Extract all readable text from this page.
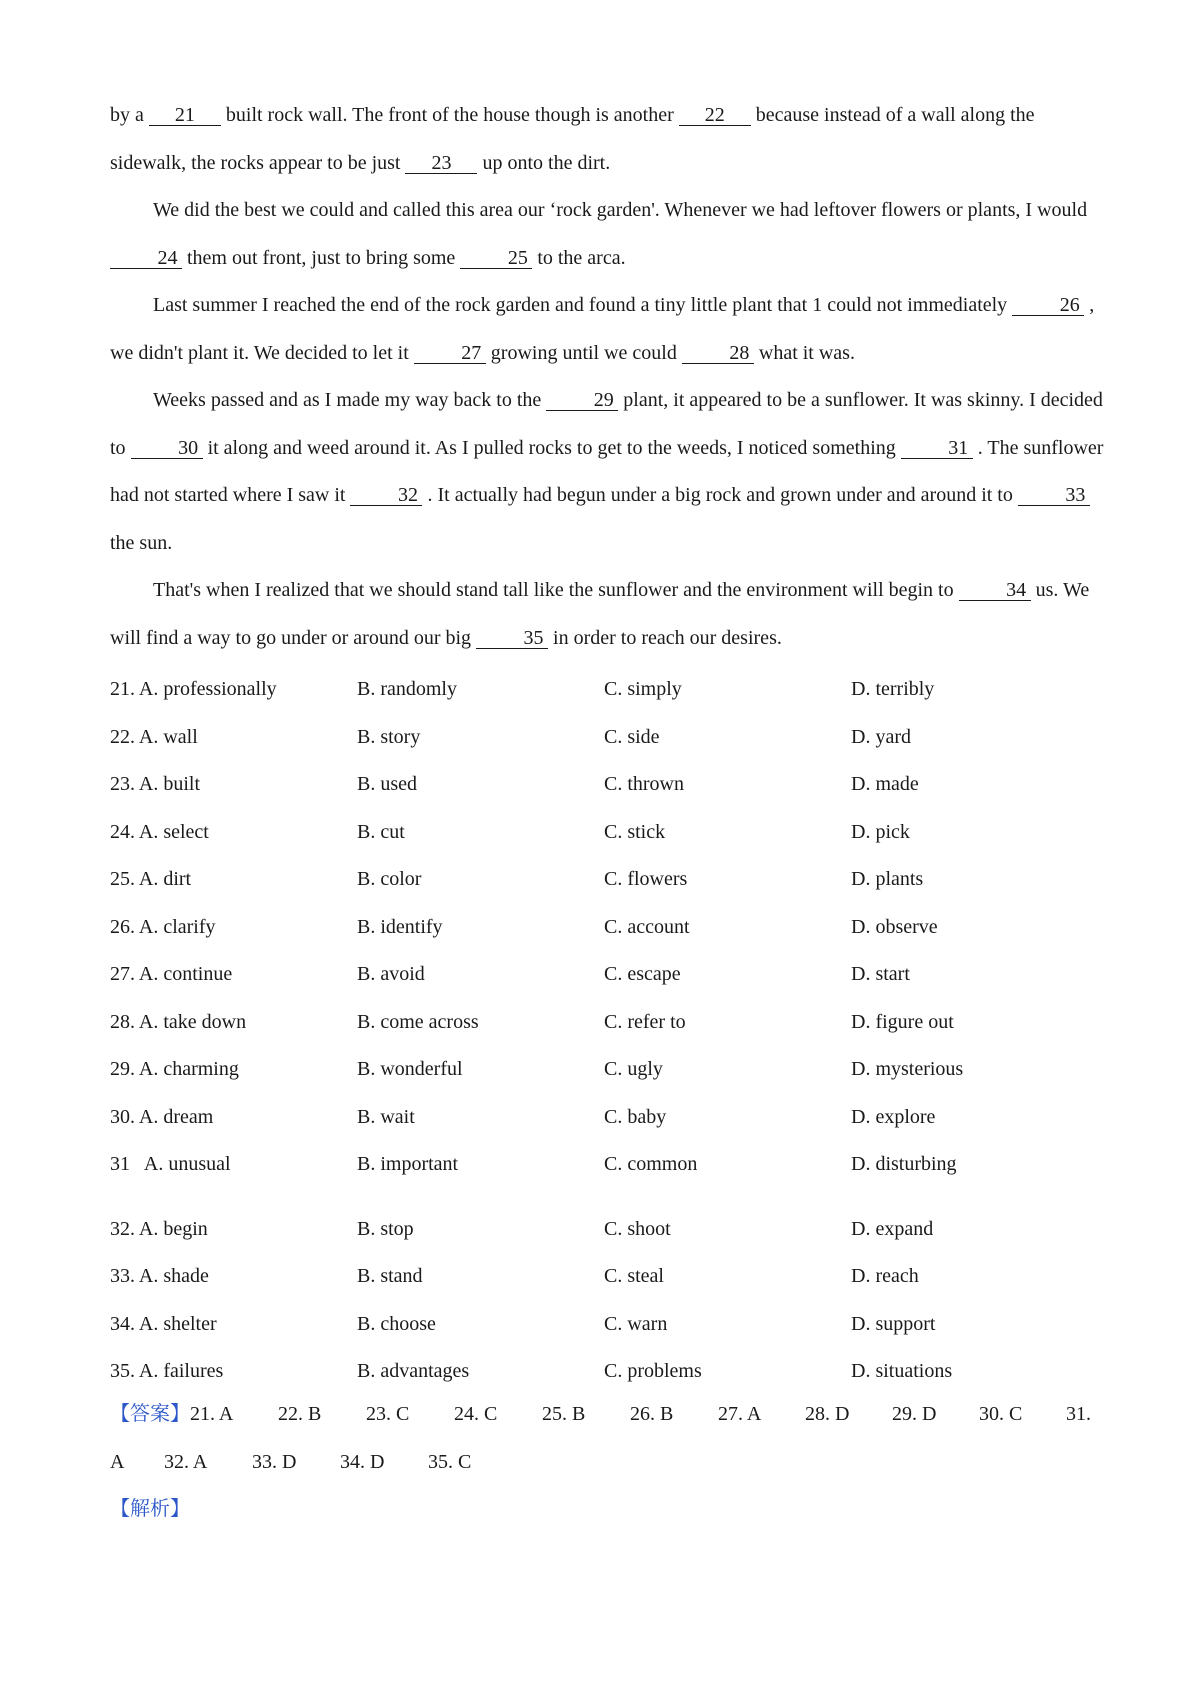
by a 21 built rock wall. The front of the house though is another 22 because instead of a wall along the sidewalk, the rocks appear to be just 23 up onto the dirt.

We did the best we could and called this area our ‘rock garden'. Whenever we had leftover flowers or plants, I would 24 them out front, just to bring some 25 to the arca.

Last summer I reached the end of the rock garden and found a tiny little plant that 1 could not immediately 26 , we didn't plant it. We decided to let it 27 growing until we could 28 what it was.

Weeks passed and as I made my way back to the 29 plant, it appeared to be a sunflower. It was skinny. I decided to 30 it along and weed around it. As I pulled rocks to get to the weeds, I noticed something 31 . The sunflower had not started where I saw it 32 . It actually had begun under a big rock and grown under and around it to 33 the sun.

That's when I realized that we should stand tall like the sunflower and the environment will begin to 34 us. We will find a way to go under or around our big 35 in order to reach our desires.

21. A. professionally	B. randomly	C. simply	D. terribly
22. A. wall	B. story	C. side	D. yard
23. A. built	B. used	C. thrown	D. made
24. A. select	B. cut	C. stick	D. pick
25. A. dirt	B. color	C. flowers	D. plants
26. A. clarify	B. identify	C. account	D. observe
27. A. continue	B. avoid	C. escape	D. start
28. A. take down	B. come across	C. refer to	D. figure out
29. A. charming	B. wonderful	C. ugly	D. mysterious
30. A. dream	B. wait	C. baby	D. explore
31   A. unusual	B. important	C. common	D. disturbing
32. A. begin	B. stop	C. shoot	D. expand
33. A. shade	B. stand	C. steal	D. reach
34. A. shelter	B. choose	C. warn	D. support
35. A. failures	B. advantages	C. problems	D. situations
【答案】 21. A	22. B	23. C	24. C	25. B	26. B	27. A	28. D	29. D	30. C	31.
A	32. A	33. D	34. D	35. C
【解析】
